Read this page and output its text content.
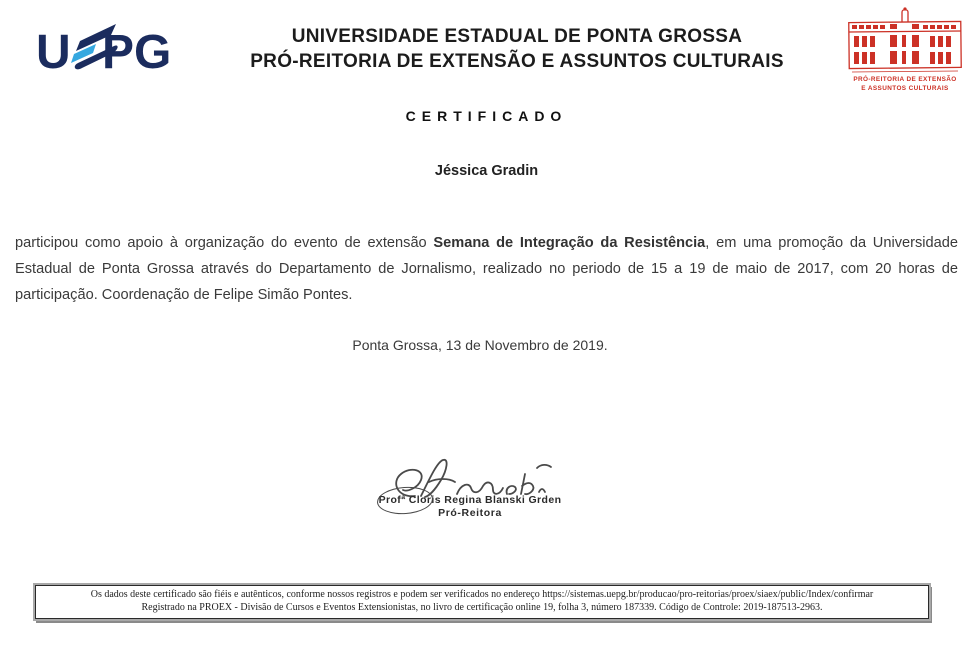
U PG	UNIVERSIDADE ESTADUAL DE PONTA GROSSA
PRÓ-REITORIA DE EXTENSÃO E ASSUNTOS CULTURAIS
PRÓ-REITORIA DE EXTENSÃO
E ASSUNTOS CULTURAIS
CERTIFICADO
Jéssica Gradin

participou como apoio à organização do evento de extensão Semana de Integração da Resistência, em uma promoção da Universidade Estadual de Ponta Grossa através do Departamento de Jornalismo, realizado no periodo de 15 a 19 de maio de 2017, com 20 horas de participação. Coordenação de Felipe Simão Pontes.

Ponta Grossa, 13 de Novembro de 2019.
Profª Cloris Regina Blanski Grden
Pró-Reitora
Os dados deste certificado são fiéis e autênticos, conforme nossos registros e podem ser verificados no endereço https://sistemas.uepg.br/producao/pro-reitorias/proex/siaex/public/Index/confirmar
Registrado na PROEX - Divisão de Cursos e Eventos Extensionistas, no livro de certificação online 19, folha 3, número 187339. Código de Controle: 2019-187513-2963.
